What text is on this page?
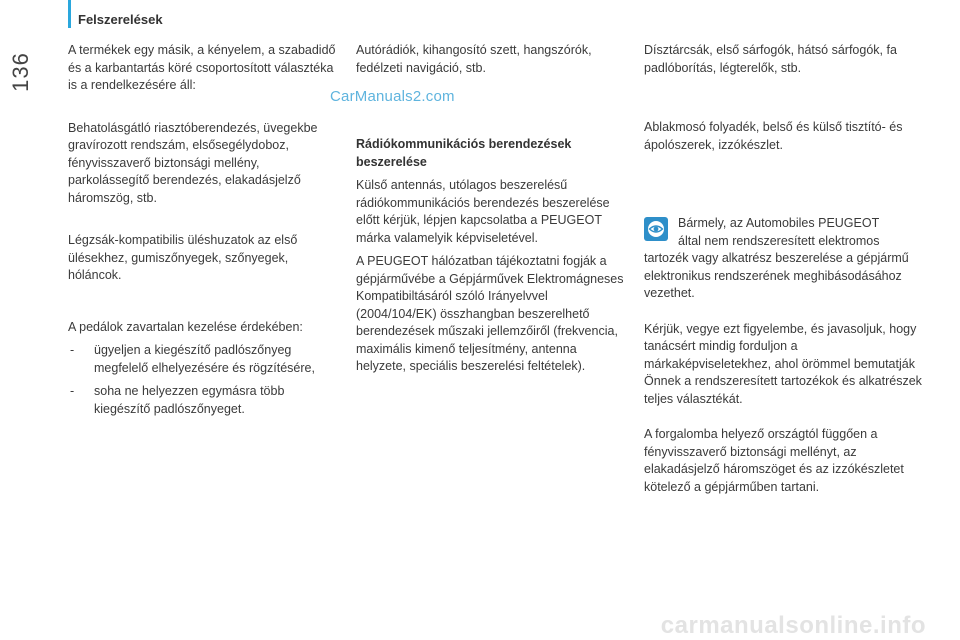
136
Felszerelések
CarManuals2.com

A termékek egy másik, a kényelem, a szabadidő és a karbantartás köré csoportosított választéka is a rendelkezésére áll:

Behatolásgátló riasztóberendezés, üvegekbe gravírozott rendszám, elsősegélydoboz, fényvisszaverő biztonsági mellény, parkolássegítő berendezés, elakadásjelző háromszög, stb.

Légzsák-kompatibilis üléshuzatok az első ülésekhez, gumiszőnyegek, szőnyegek, hóláncok.

A pedálok zavartalan kezelése érdekében:

- ügyeljen a kiegészítő padlószőnyeg megfelelő elhelyezésére és rögzítésére,
- soha ne helyezzen egymásra több kiegészítő padlószőnyeget.

Autórádiók, kihangosító szett, hangszórók, fedélzeti navigáció, stb.

Rádiókommunikációs berendezések beszerelése

Külső antennás, utólagos beszerelésű rádiókommunikációs berendezés beszerelése előtt kérjük, lépjen kapcsolatba a PEUGEOT márka valamelyik képviseletével.

A PEUGEOT hálózatban tájékoztatni fogják a gépjárművébe a Gépjárművek Elektromágneses Kompatibiltásáról szóló Irányelvvel (2004/104/EK) összhangban beszerelhető berendezések műszaki jellemzőiről (frekvencia, maximális kimenő teljesítmény, antenna helyzete, speciális beszerelési feltételek).

Dísztárcsák, első sárfogók, hátsó sárfogók, fa padlóborítás, légterelők, stb.

Ablakmosó folyadék, belső és külső tisztító- és ápolószerek, izzókészlet.

Bármely, az Automobiles PEUGEOT

által nem rendszeresített elektromos

tartozék vagy alkatrész beszerelése a gépjármű elektronikus rendszerének meghibásodásához vezethet.

Kérjük, vegye ezt figyelembe, és javasoljuk, hogy tanácsért mindig forduljon a márkaképviseletekhez, ahol örömmel bemutatják Önnek a rendszeresített tartozékok és alkatrészek teljes választékát.

A forgalomba helyező országtól függően a fényvisszaverő biztonsági mellényt, az elakadásjelző háromszöget és az izzókészletet kötelező a gépjárműben tartani.

carmanualsonline.info
